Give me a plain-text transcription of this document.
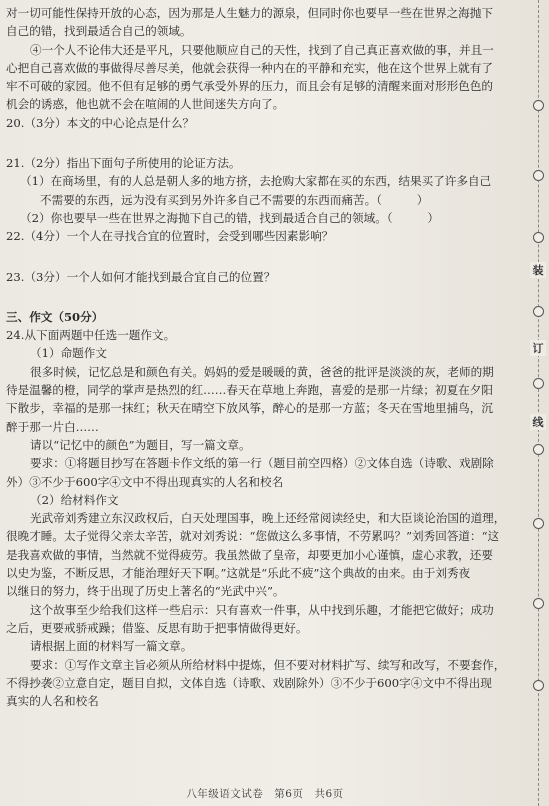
对一切可能性保持开放的心态，因为那是人生魅力的源泉，但同时你也要早一些在世界之海抛下
自己的错，找到最适合自己的领域。
④一个人不论伟大还是平凡，只要他顺应自己的天性，找到了自己真正喜欢做的事，并且一
心把自己喜欢做的事做得尽善尽美，他就会获得一种内在的平静和充实，他在这个世界上就有了
牢不可破的家园。他不但有足够的勇气承受外界的压力，而且会有足够的清醒来面对形形色色的
机会的诱惑，他也就不会在喧闹的人世间迷失方向了。
20.（3分）本文的中心论点是什么？
21.（2分）指出下面句子所使用的论证方法。
（1）在商场里，有的人总是朝人多的地方挤，去抢购大家都在买的东西，结果买了许多自己
不需要的东西，远为没有买到另外许多自己不需要的东西而痛苦。（　　　）
（2）你也要早一些在世界之海抛下自己的错，找到最适合自己的领域。（　　　）
22.（4分）一个人在寻找合宜的位置时，会受到哪些因素影响？
23.（3分）一个人如何才能找到最合宜自己的位置？
三、作文（50分）
24.从下面两题中任选一题作文。
（1）命题作文
很多时候，记忆总是和颜色有关。妈妈的爱是暖暖的黄，爸爸的批评是淡淡的灰，老师的期
待是温馨的橙，同学的掌声是热烈的红……春天在草地上奔跑，喜爱的是那一片绿；初夏在夕阳
下散步，幸福的是那一抹红；秋天在晴空下放风筝，醉心的是那一方蓝；冬天在雪地里捕鸟，沉
醉于那一片白……
请以“记忆中的颜色”为题目，写一篇文章。
要求：①将题目抄写在答题卡作文纸的第一行（题目前空四格）②文体自选（诗歌、戏剧除
外）③不少于600字④文中不得出现真实的人名和校名
（2）给材料作文
光武帝刘秀建立东汉政权后，白天处理国事，晚上还经常阅读经史，和大臣谈论治国的道理，
很晚才睡。太子觉得父亲太辛苦，就对刘秀说：“您做这么多事情，不劳累吗？”刘秀回答道：“这
是我喜欢做的事情，当然就不觉得疲劳。我虽然做了皇帝，却要更加小心谨慎，虚心求教，还要
以史为鉴，不断反思，才能治理好天下啊。”这就是“乐此不疲”这个典故的由来。由于刘秀夜
以继日的努力，终于出现了历史上著名的“光武中兴”。
这个故事至少给我们这样一些启示：只有喜欢一件事，从中找到乐趣，才能把它做好；成功
之后，更要戒骄戒躁；借鉴、反思有助于把事情做得更好。
请根据上面的材料写一篇文章。
要求：①写作文章主旨必须从所给材料中提炼，但不要对材料扩写、续写和改写，不要套作，
不得抄袭②立意自定，题目自拟，文体自选（诗歌、戏剧除外）③不少于600字④文中不得出现
真实的人名和校名
八年级语文试卷　第6页　共6页
装
订
线
